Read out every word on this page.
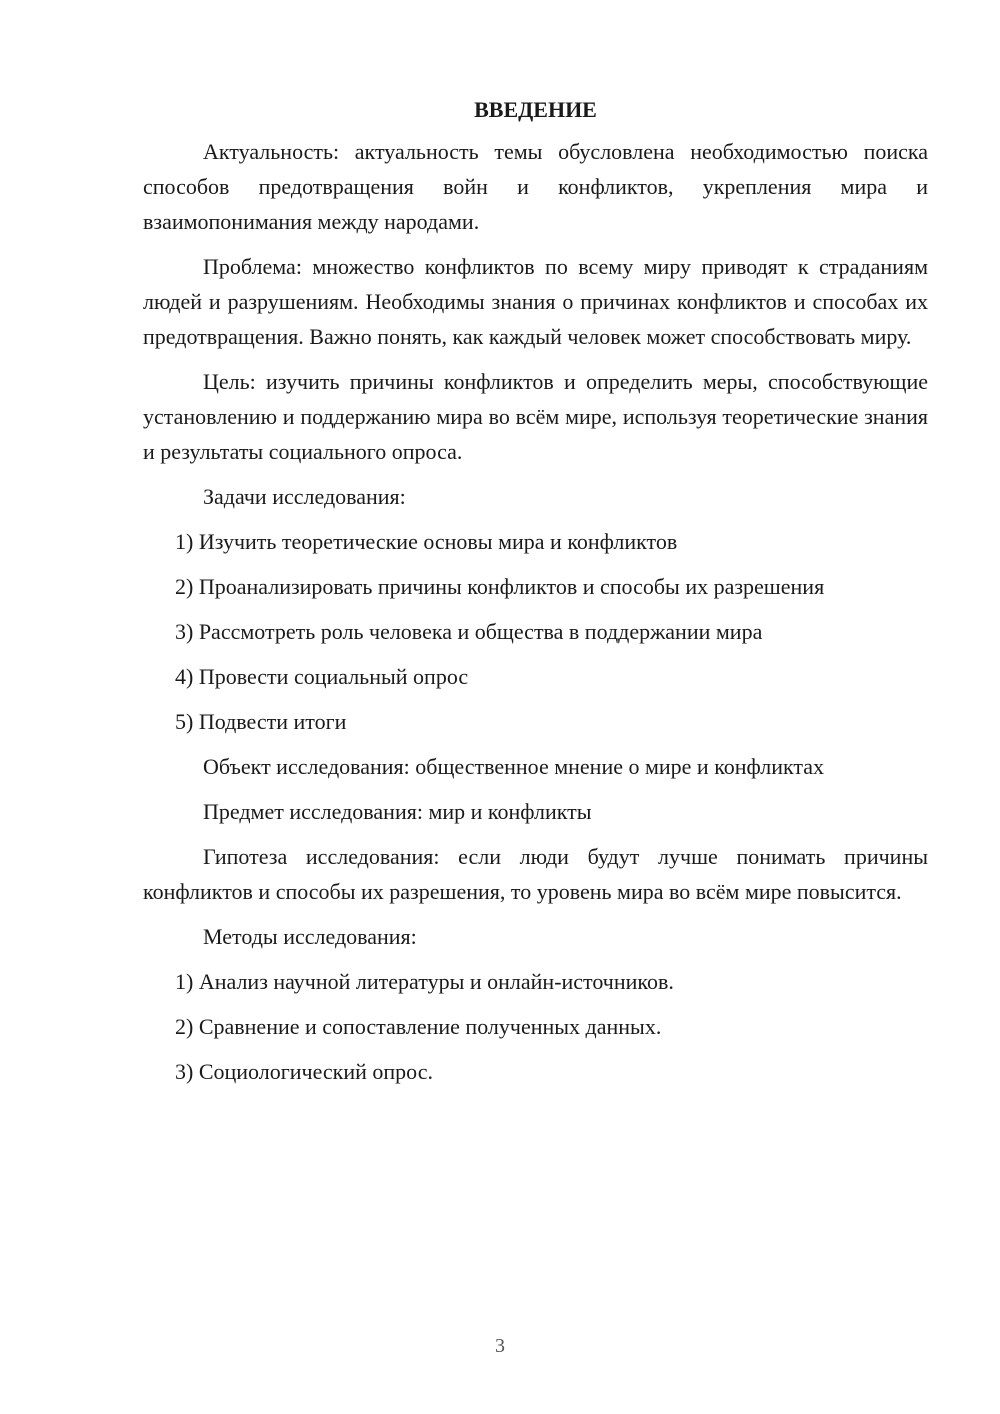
ВВЕДЕНИЕ

Актуальность: актуальность темы обусловлена необходимостью поиска способов предотвращения войн и конфликтов, укрепления мира и взаимопонимания между народами.

Проблема: множество конфликтов по всему миру приводят к страданиям людей и разрушениям. Необходимы знания о причинах конфликтов и способах их предотвращения. Важно понять, как каждый человек может способствовать миру.

Цель: изучить причины конфликтов и определить меры, способствующие установлению и поддержанию мира во всём мире, используя теоретические знания и результаты социального опроса.

Задачи исследования:

1) Изучить теоретические основы мира и конфликтов

2) Проанализировать причины конфликтов и способы их разрешения

3) Рассмотреть роль человека и общества в поддержании мира

4) Провести социальный опрос

5) Подвести итоги

Объект исследования: общественное мнение о мире и конфликтах

Предмет исследования: мир и конфликты

Гипотеза исследования: если люди будут лучше понимать причины конфликтов и способы их разрешения, то уровень мира во всём мире повысится.

Методы исследования:

1) Анализ научной литературы и онлайн-источников.

2) Сравнение и сопоставление полученных данных.

3) Социологический опрос.

3
